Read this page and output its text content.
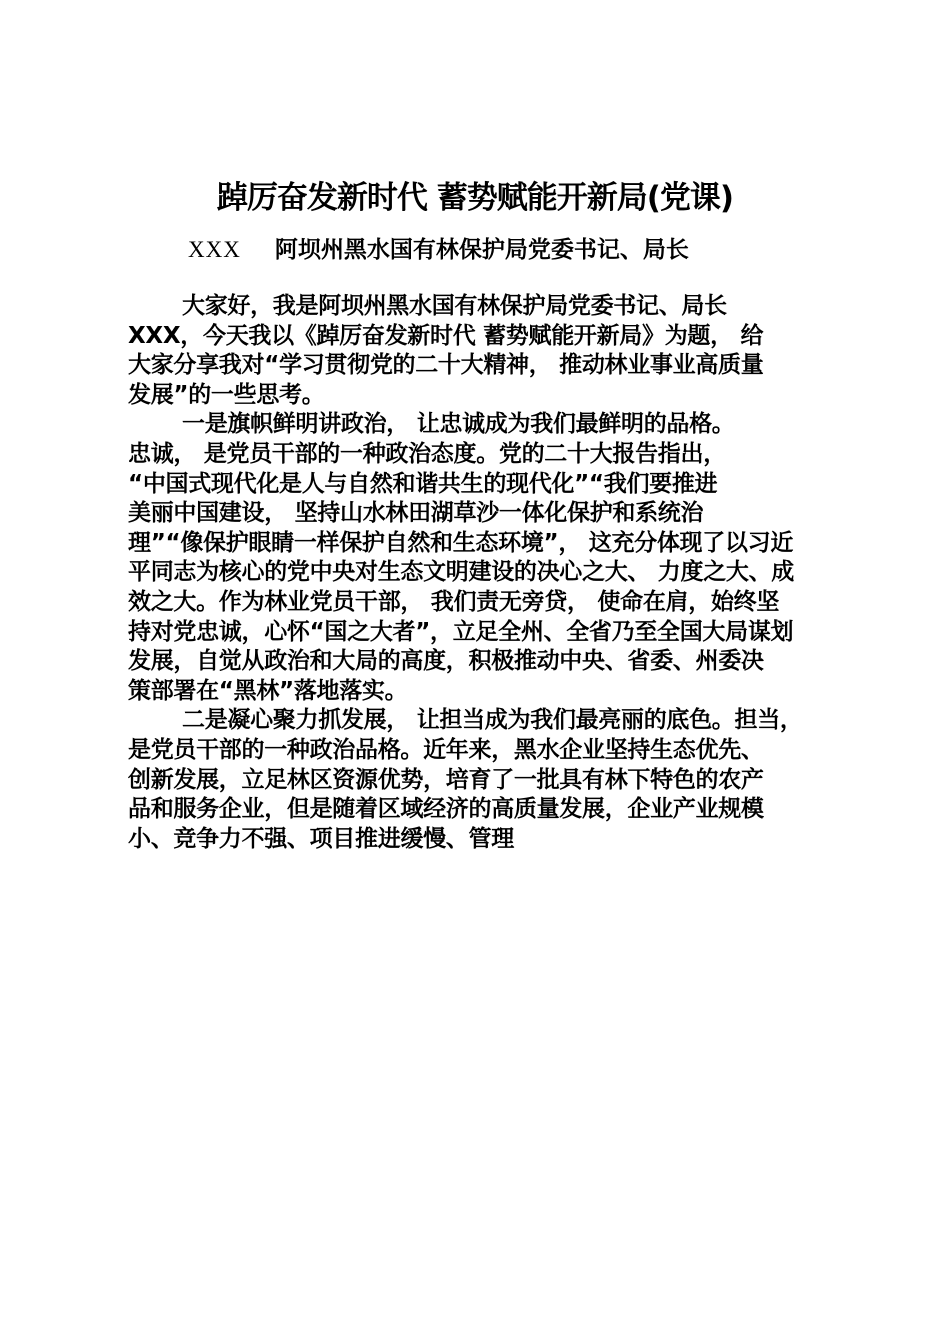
踔厉奋发新时代 蓄势赋能开新局(党课)

XXX 阿坝州黑水国有林保护局党委书记、局长

大家好，我是阿坝州黑水国有林保护局党委书记、局长
XXX，今天我以《踔厉奋发新时代 蓄势赋能开新局》为题， 给
大家分享我对“学习贯彻党的二十大精神， 推动林业事业高质量
发展”的一些思考。
一是旗帜鲜明讲政治， 让忠诚成为我们最鲜明的品格。
忠诚， 是党员干部的一种政治态度。党的二十大报告指出，
“中国式现代化是人与自然和谐共生的现代化”“我们要推进
美丽中国建设， 坚持山水林田湖草沙一体化保护和系统治
理”“像保护眼睛一样保护自然和生态环境”， 这充分体现了以习近
平同志为核心的党中央对生态文明建设的决心之大、 力度之大、成
效之大。作为林业党员干部， 我们责无旁贷， 使命在肩，始终坚
持对党忠诚，心怀“国之大者”，立足全州、全省乃至全国大局谋划
发展，自觉从政治和大局的高度，积极推动中央、省委、州委决
策部署在“黑林”落地落实。
二是凝心聚力抓发展， 让担当成为我们最亮丽的底色。担当，
是党员干部的一种政治品格。近年来，黑水企业坚持生态优先、
创新发展，立足林区资源优势，培育了一批具有林下特色的农产
品和服务企业，但是随着区域经济的高质量发展，企业产业规模
小、竞争力不强、项目推进缓慢、管理
